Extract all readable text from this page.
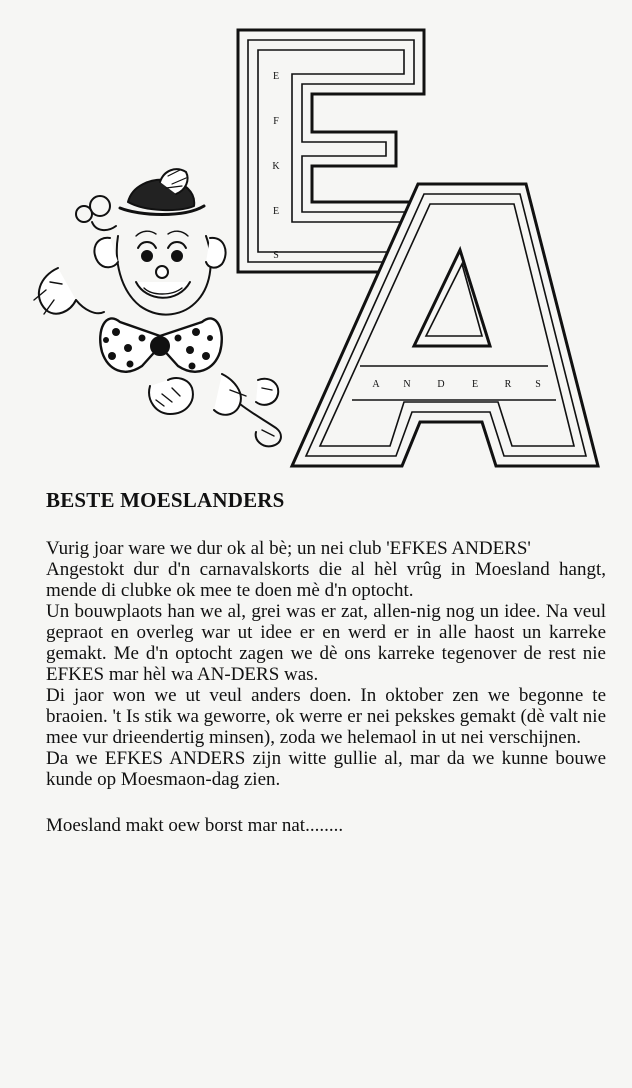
E
F
K
E
S
A N	D	E	R S
BESTE MOESLANDERS

Vurig joar ware we dur ok al bè; un nei club 'EFKES ANDERS'

Angestokt dur d'n carnavalskorts die al hèl vrûg in Moesland hangt, mende di clubke ok mee te doen mè d'n optocht.

Un bouwplaots han we al, grei was er zat, allen-nig nog un idee. Na veul gepraot en overleg war ut idee er en werd er in alle haost un karreke gemakt. Me d'n optocht zagen we dè ons karreke tegenover de rest nie EFKES mar hèl wa AN-DERS was.

Di jaor won we ut veul anders doen. In oktober zen we begonne te braoien. 't Is stik wa geworre, ok werre er nei pekskes gemakt (dè valt nie mee vur drieendertig minsen), zoda we helemaol in ut nei verschijnen.

Da we EFKES ANDERS zijn witte gullie al, mar da we kunne bouwe kunde op Moesmaon-dag zien.

Moesland makt oew borst mar nat........
